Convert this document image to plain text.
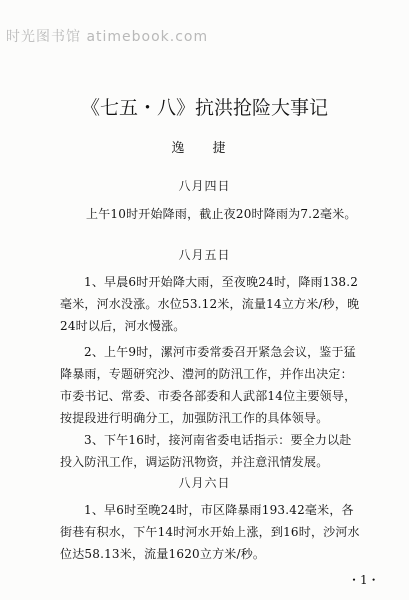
时光图书馆 atimebook.com
《七五・八》抗洪抢险大事记
逸 捷
八月四日
上午10时开始降雨，截止夜20时降雨为7.2毫米。
八月五日
1、早晨6时开始降大雨，至夜晚24时，降雨138.2毫米，河水没涨。水位53.12米，流量14立方米/秒，晚24时以后，河水慢涨。
2、上午9时，漯河市委常委召开紧急会议，鉴于猛降暴雨，专题研究沙、澧河的防汛工作，并作出决定：市委书记、常委、市委各部委和人武部14位主要领导，按提段进行明确分工，加强防汛工作的具体领导。
3、下午16时，接河南省委电话指示：要全力以赴投入防汛工作，调运防汛物资，并注意汛情发展。
八月六日
1、早6时至晚24时，市区降暴雨193.42毫米，各街巷有积水，下午14时河水开始上涨，到16时，沙河水位达58.13米，流量1620立方米/秒。
・1・
